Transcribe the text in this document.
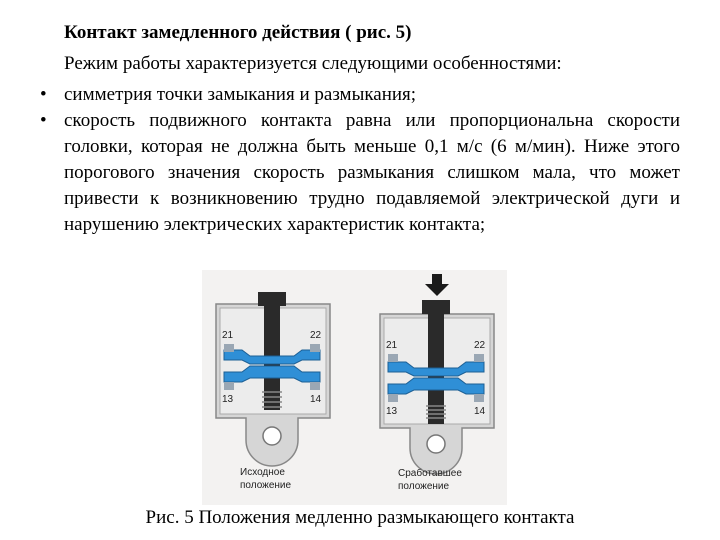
Контакт замедленного действия ( рис. 5)

Режим работы характеризуется следующими особенностями:

• симметрия точки замыкания и размыкания;
• скорость подвижного контакта равна или пропорциональна скорости головки, которая не должна быть меньше 0,1 м/с (6 м/мин). Ниже этого порогового значения скорость размыкания слишком мала, что может привести к возникновению трудно подавляемой электрической дуги и нарушению электрических характеристик контакта;
21	22
13	14
Исходное
положение
21	22
13	14
Сработавшее
положение

Рис. 5 Положения медленно размыкающего контакта
